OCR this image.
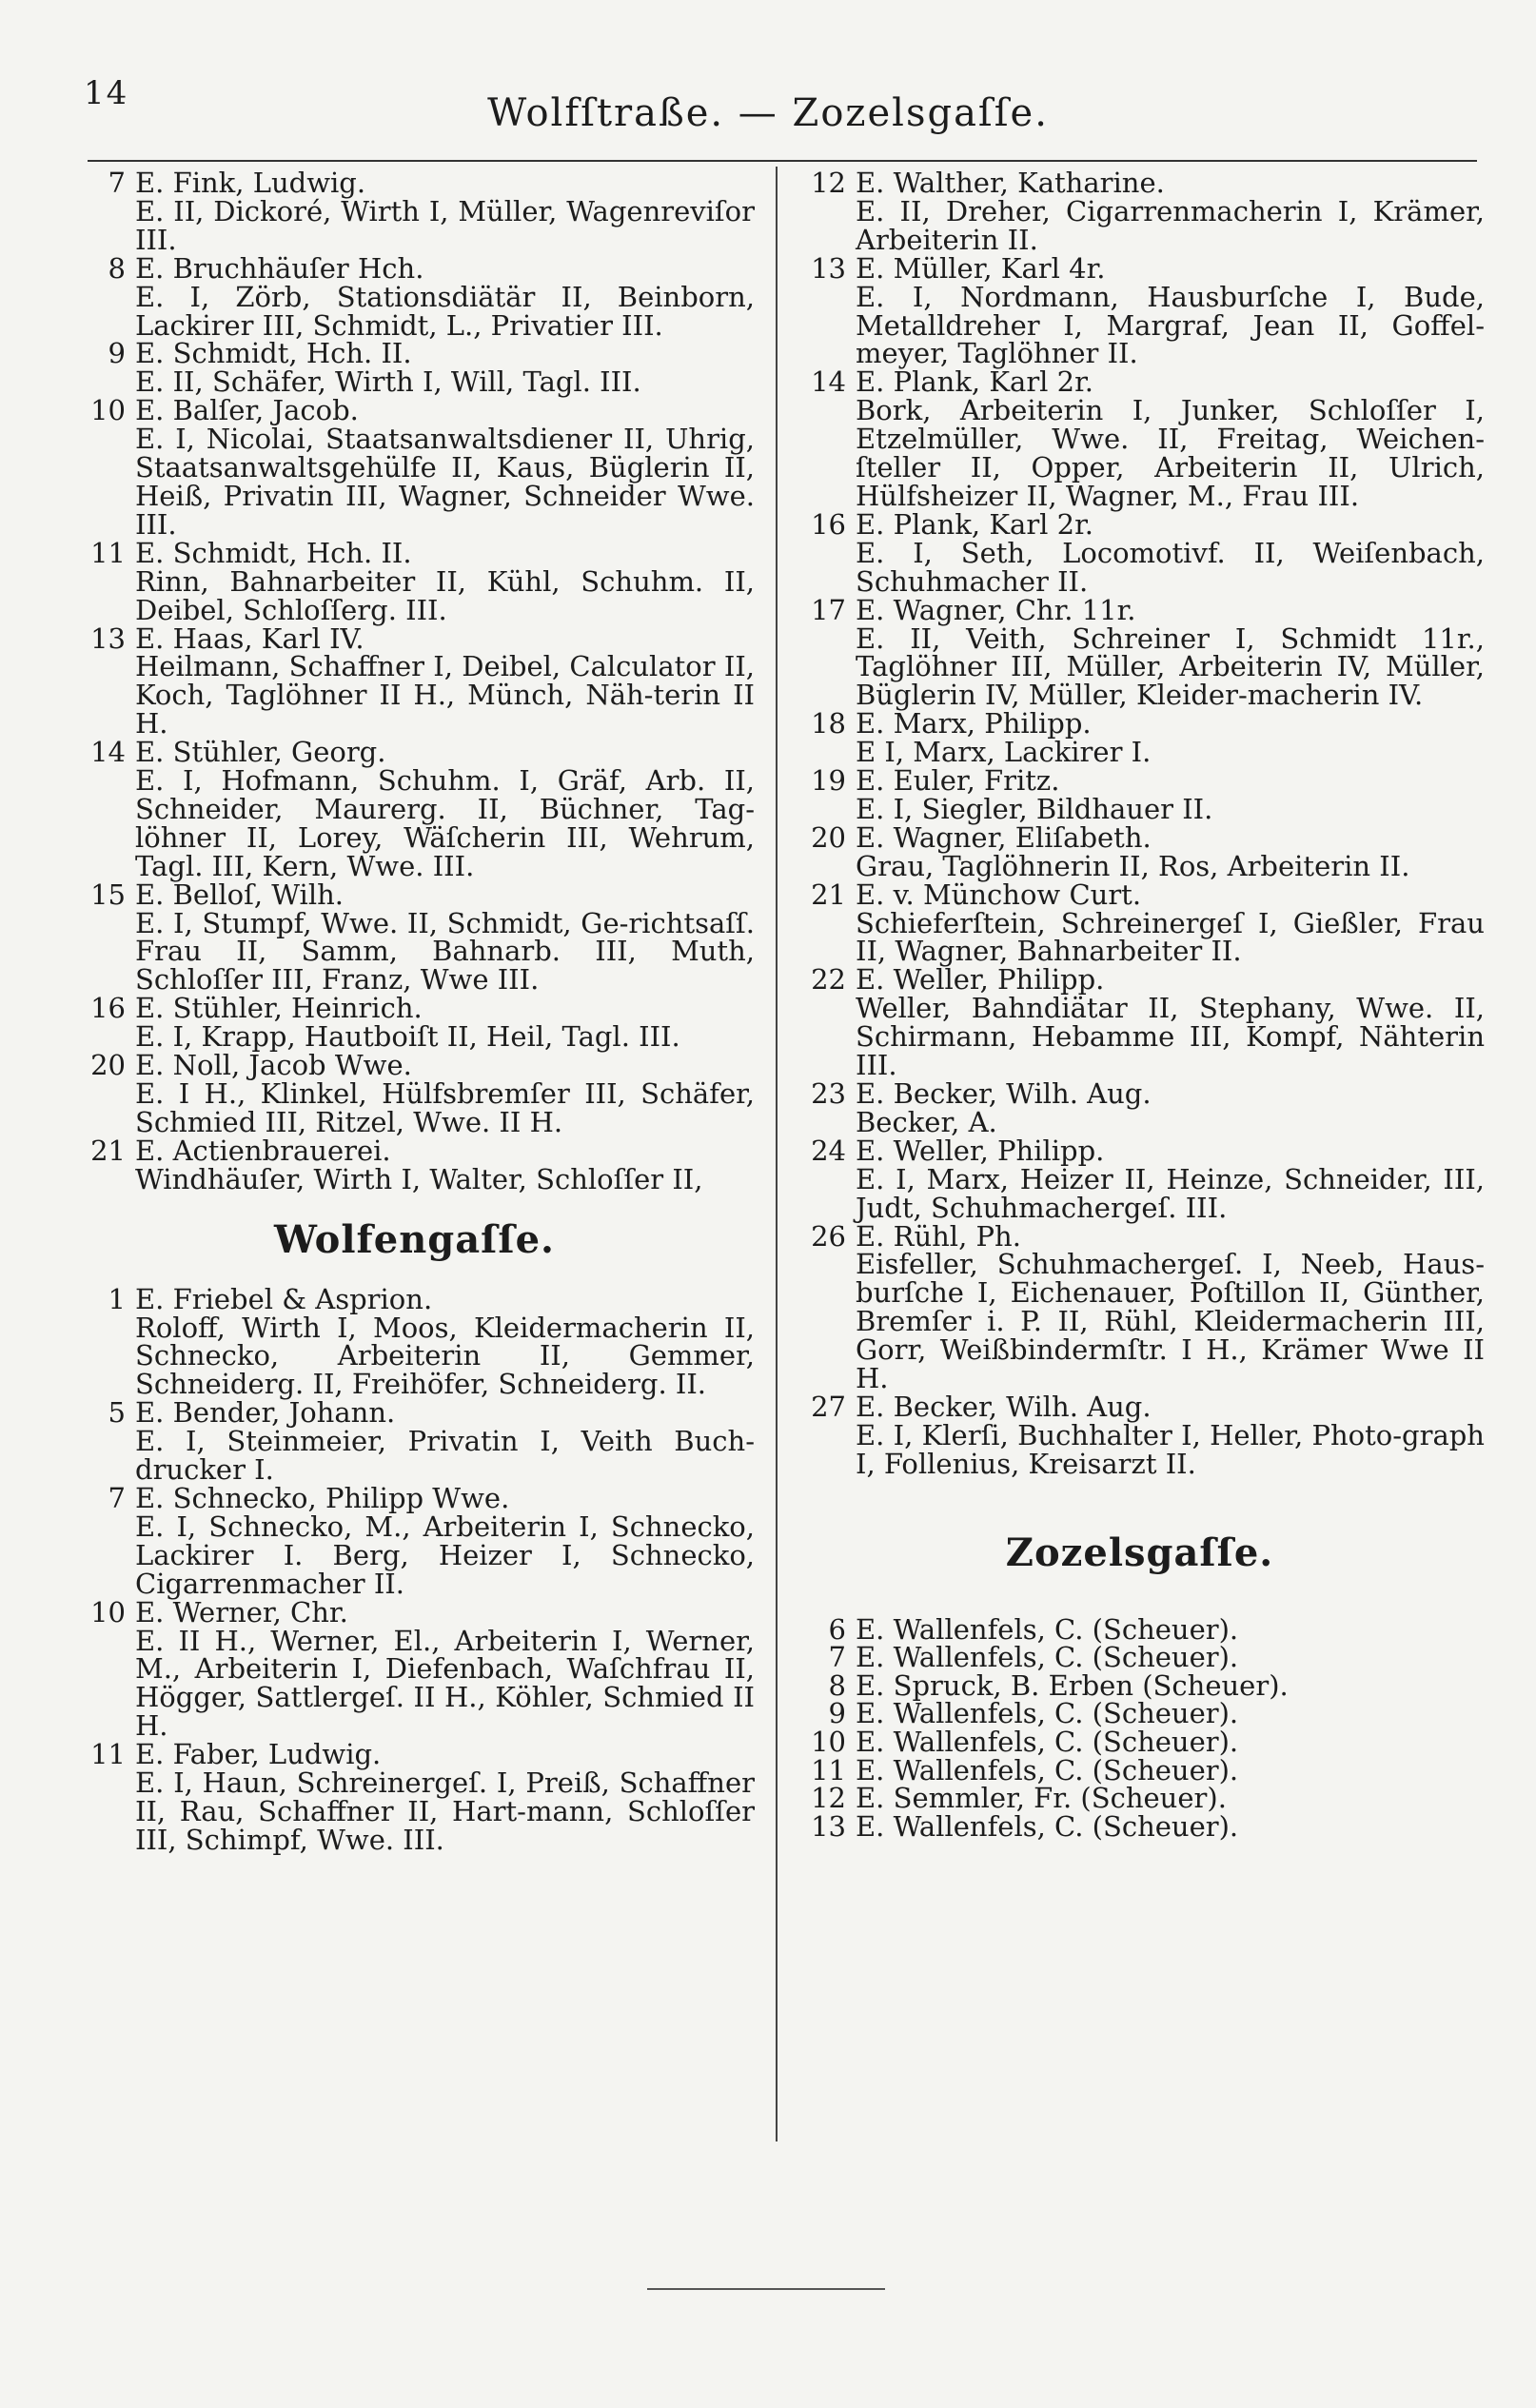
14	Wolfſtraße. — Zozelsgaſſe.
7 E. Fink, Ludwig.
E. II, Dickoré, Wirth I, Müller, Wagenreviſor III.
8 E. Bruchhäuſer Hch.
E. I, Zörb, Stationsdiätär II, Beinborn, Lackirer III, Schmidt, L., Privatier III.
9 E. Schmidt, Hch. II.
E. II, Schäfer, Wirth I, Will, Tagl. III.
10 E. Balſer, Jacob.
E. I, Nicolai, Staatsanwaltsdiener II, Uhrig, Staatsanwaltsgehülfe II, Kaus, Büglerin II, Heiß, Privatin III, Wagner, Schneider Wwe. III.
11 E. Schmidt, Hch. II.
Rinn, Bahnarbeiter II, Kühl, Schuhm. II, Deibel, Schloſſerg. III.
13 E. Haas, Karl IV.
Heilmann, Schaffner I, Deibel, Calculator II, Koch, Taglöhner II H., Münch, Näh-terin II H.
14 E. Stühler, Georg.
E. I, Hofmann, Schuhm. I, Gräf, Arb. II, Schneider, Maurerg. II, Büchner, Tag-löhner II, Lorey, Wäſcherin III, Wehrum, Tagl. III, Kern, Wwe. III.
15 E. Belloſ, Wilh.
E. I, Stumpf, Wwe. II, Schmidt, Ge-richtsaſſ. Frau II, Samm, Bahnarb. III, Muth, Schloſſer III, Franz, Wwe III.
16 E. Stühler, Heinrich.
E. I, Krapp, Hautboiſt II, Heil, Tagl. III.
20 E. Noll, Jacob Wwe.
E. I H., Klinkel, Hülfsbremſer III, Schäfer, Schmied III, Ritzel, Wwe. II H.
21 E. Actienbrauerei.
Windhäuſer, Wirth I, Walter, Schloſſer II,
Wolfengaſſe.
1 E. Friebel & Asprion.
Roloff, Wirth I, Moos, Kleidermacherin II, Schnecko, Arbeiterin II, Gemmer, Schneiderg. II, Freihöfer, Schneiderg. II.
5 E. Bender, Johann.
E. I, Steinmeier, Privatin I, Veith Buch-drucker I.
7 E. Schnecko, Philipp Wwe.
E. I, Schnecko, M., Arbeiterin I, Schnecko, Lackirer I. Berg, Heizer I, Schnecko, Cigarrenmacher II.
10 E. Werner, Chr.
E. II H., Werner, El., Arbeiterin I, Werner, M., Arbeiterin I, Diefenbach, Waſchfrau II, Högger, Sattlergeſ. II H., Köhler, Schmied II H.
11 E. Faber, Ludwig.
E. I, Haun, Schreinergeſ. I, Preiß, Schaffner II, Rau, Schaffner II, Hart-mann, Schloſſer III, Schimpf, Wwe. III.
12 E. Walther, Katharine.
E. II, Dreher, Cigarrenmacherin I, Krämer, Arbeiterin II.
13 E. Müller, Karl 4r.
E. I, Nordmann, Hausburſche I, Bude, Metalldreher I, Margraf, Jean II, Goffel-meyer, Taglöhner II.
14 E. Plank, Karl 2r.
Bork, Arbeiterin I, Junker, Schloſſer I, Etzelmüller, Wwe. II, Freitag, Weichen-ſteller II, Opper, Arbeiterin II, Ulrich, Hülfsheizer II, Wagner, M., Frau III.
16 E. Plank, Karl 2r.
E. I, Seth, Locomotivf. II, Weiſenbach, Schuhmacher II.
17 E. Wagner, Chr. 11r.
E. II, Veith, Schreiner I, Schmidt 11r., Taglöhner III, Müller, Arbeiterin IV, Müller, Büglerin IV, Müller, Kleider-macherin IV.
18 E. Marx, Philipp.
E I, Marx, Lackirer I.
19 E. Euler, Fritz.
E. I, Siegler, Bildhauer II.
20 E. Wagner, Eliſabeth.
Grau, Taglöhnerin II, Ros, Arbeiterin II.
21 E. v. Münchow Curt.
Schieferſtein, Schreinergeſ I, Gießler, Frau II, Wagner, Bahnarbeiter II.
22 E. Weller, Philipp.
Weller, Bahndiätar II, Stephany, Wwe. II, Schirmann, Hebamme III, Kompf, Nähterin III.
23 E. Becker, Wilh. Aug.
Becker, A.
24 E. Weller, Philipp.
E. I, Marx, Heizer II, Heinze, Schneider, III, Judt, Schuhmachergeſ. III.
26 E. Rühl, Ph.
Eisfeller, Schuhmachergeſ. I, Neeb, Haus-burſche I, Eichenauer, Poſtillon II, Günther, Bremſer i. P. II, Rühl, Kleidermacherin III, Gorr, Weißbindermſtr. I H., Krämer Wwe II H.
27 E. Becker, Wilh. Aug.
E. I, Klerſi, Buchhalter I, Heller, Photo-graph I, Follenius, Kreisarzt II.
Zozelsgaſſe.
6 E. Wallenfels, C. (Scheuer).
7 E. Wallenfels, C. (Scheuer).
8 E. Spruck, B. Erben (Scheuer).
9 E. Wallenfels, C. (Scheuer).
10 E. Wallenfels, C. (Scheuer).
11 E. Wallenfels, C. (Scheuer).
12 E. Semmler, Fr. (Scheuer).
13 E. Wallenfels, C. (Scheuer).
